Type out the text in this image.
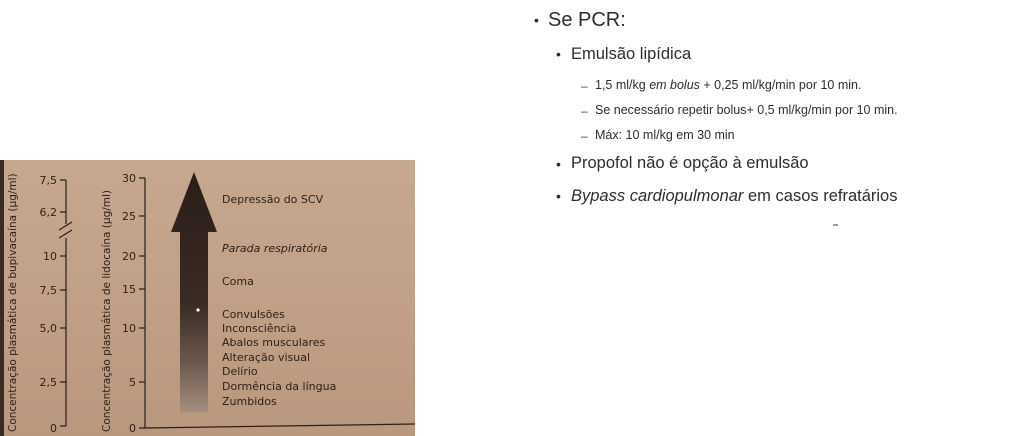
Concentração plasmática de bupivacaína (µg/ml)	Concentração plasmática de lidocaína (µg/ml)
7,5
6,2
10
7,5
5,0
2,5
0
30
25
20
15
10
5
0
Depressão do SCV
Parada respiratória
Coma
Convulsões
Inconsciência
Abalos musculares
Alteração visual
Delírio
Dormência da língua
Zumbidos
• Se PCR:
• Emulsão lipídica
– 1,5 ml/kg em bolus + 0,25 ml/kg/min por 10 min.
– Se necessário repetir bolus+ 0,5 ml/kg/min por 10 min.
– Máx: 10 ml/kg em 30 min
• Propofol não é opção à emulsão
• Bypass cardiopulmonar em casos refratários
